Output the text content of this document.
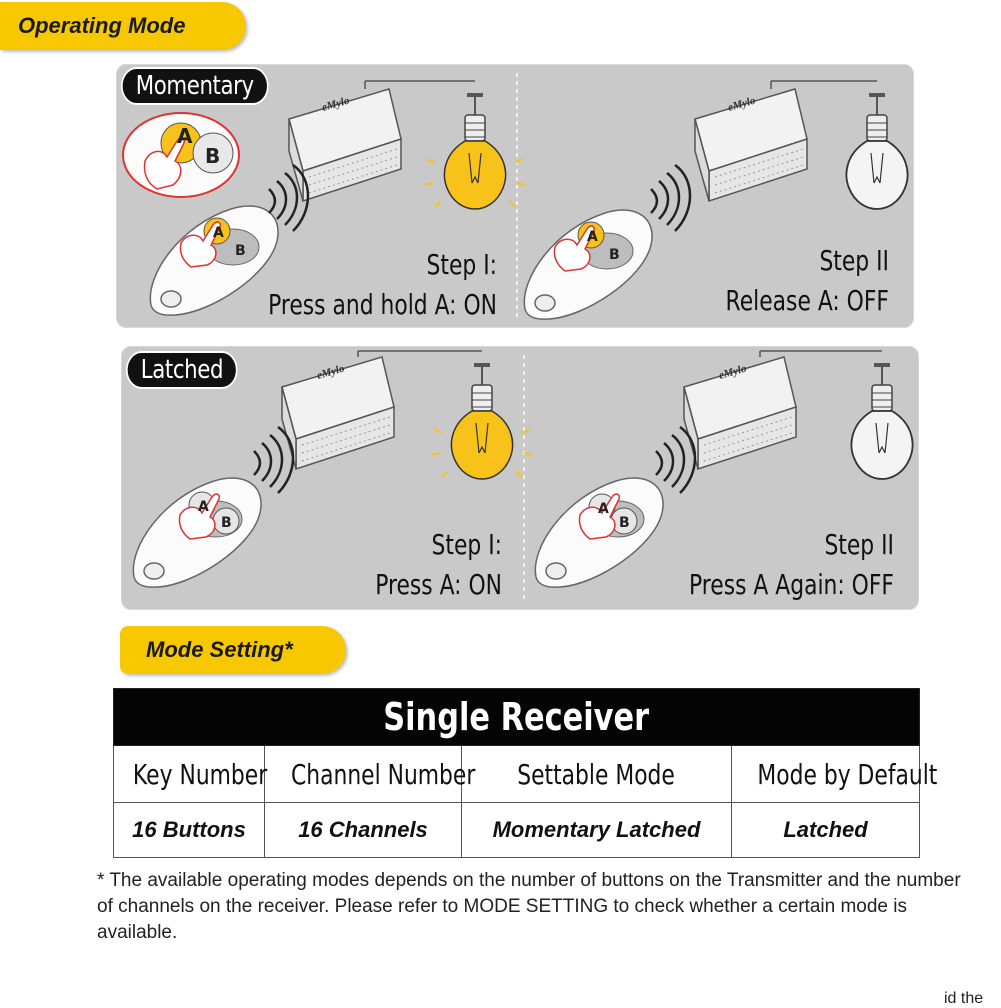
Operating Mode
A
B
A
B
A
B
eMylo	eMylo
Momentary
Step I:
Press and hold A: ON
Step II
Release A: OFF
A
B
A
B
eMylo	eMylo
Latched
Step I:
Press A: ON
Step II
Press A Again: OFF
Mode Setting*
Single Receiver			
Key Number	Channel Number	Settable Mode	Mode by Default
16 Buttons	16 Channels	Momentary Latched	Latched
* The available operating modes depends on the number of buttons on the Transmitter and the number of channels on the receiver. Please refer to MODE SETTING to check whether a certain mode is available.
id the
